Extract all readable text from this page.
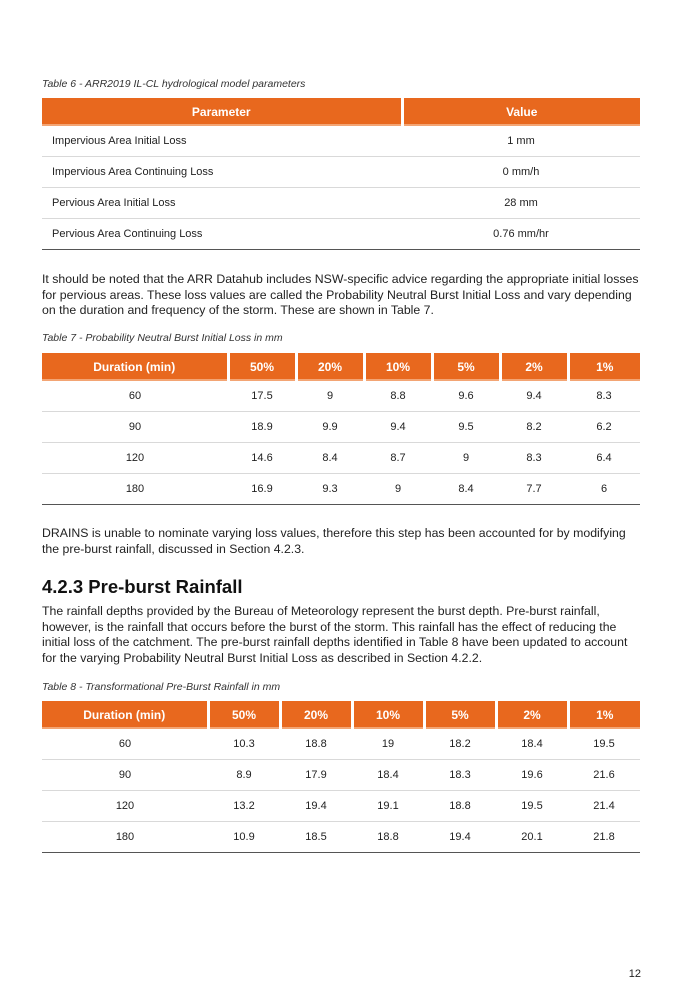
Table 6 - ARR2019 IL-CL hydrological model parameters
Parameter	Value
Impervious Area Initial Loss	1 mm
Impervious Area Continuing Loss	0 mm/h
Pervious Area Initial Loss	28 mm
Pervious Area Continuing Loss	0.76 mm/hr

It should be noted that the ARR Datahub includes NSW-specific advice regarding the appropriate initial losses for pervious areas. These loss values are called the Probability Neutral Burst Initial Loss and vary depending on the duration and frequency of the storm. These are shown in Table 7.

Table 7 - Probability Neutral Burst Initial Loss in mm
Duration (min)	50%	20%	10%	5%	2%	1%
60	17.5	9	8.8	9.6	9.4	8.3
90	18.9	9.9	9.4	9.5	8.2	6.2
120	14.6	8.4	8.7	9	8.3	6.4
180	16.9	9.3	9	8.4	7.7	6

DRAINS is unable to nominate varying loss values, therefore this step has been accounted for by modifying the pre-burst rainfall, discussed in Section 4.2.3.

4.2.3 Pre-burst Rainfall

The rainfall depths provided by the Bureau of Meteorology represent the burst depth. Pre-burst rainfall, however, is the rainfall that occurs before the burst of the storm. This rainfall has the effect of reducing the initial loss of the catchment. The pre-burst rainfall depths identified in Table 8 have been updated to account for the varying Probability Neutral Burst Initial Loss as described in Section 4.2.2.

Table 8 - Transformational Pre-Burst Rainfall in mm
Duration (min)	50%	20%	10%	5%	2%	1%
60	10.3	18.8	19	18.2	18.4	19.5
90	8.9	17.9	18.4	18.3	19.6	21.6
120	13.2	19.4	19.1	18.8	19.5	21.4
180	10.9	18.5	18.8	19.4	20.1	21.8
12
